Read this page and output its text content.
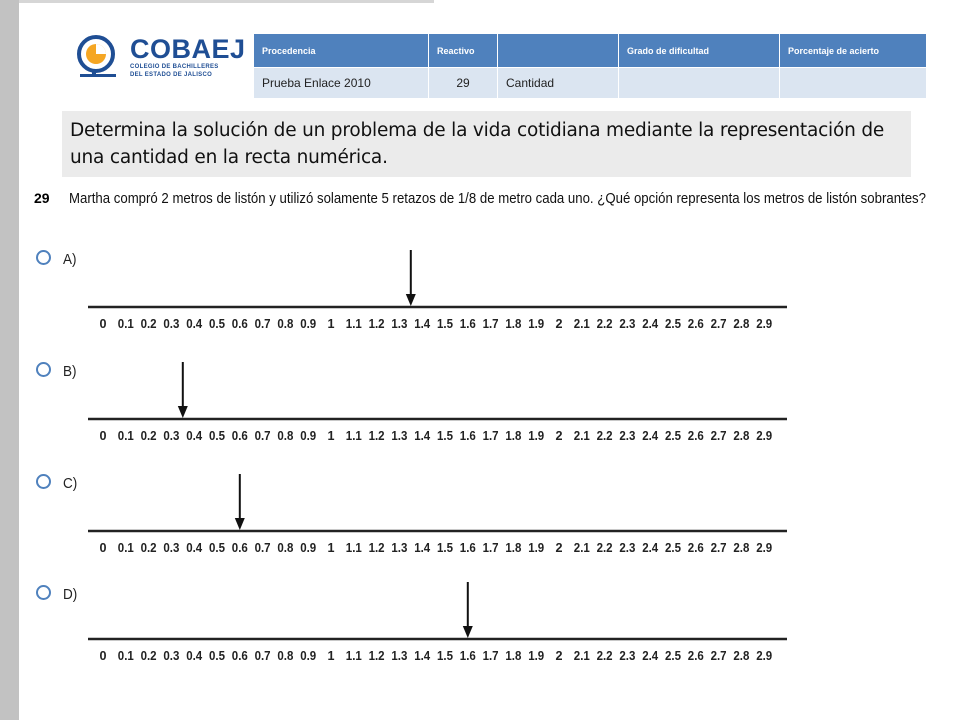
COBAEJ
COLEGIO DE BACHILLERES
DEL ESTADO DE JALISCO
Procedencia	Reactivo		Grado de dificultad	Porcentaje de acierto
Prueba Enlace 2010	29	Cantidad		
Determina la solución de un problema de la vida cotidiana mediante la representación de una cantidad en la recta numérica.
29 Martha compró 2 metros de listón y utilizó solamente 5 retazos de 1/8 de metro cada uno. ¿Qué opción representa los metros de listón sobrantes?
A)
B)
C)
D)
0 0.1 0.2 0.3 0.4 0.5 0.6 0.7 0.8 0.9 1 1.1 1.2 1.3 1.4 1.5 1.6 1.7 1.8 1.9 2 2.1 2.2 2.3 2.4 2.5 2.6 2.7 2.8 2.9
0 0.1 0.2 0.3 0.4 0.5 0.6 0.7 0.8 0.9 1 1.1 1.2 1.3 1.4 1.5 1.6 1.7 1.8 1.9 2 2.1 2.2 2.3 2.4 2.5 2.6 2.7 2.8 2.9
0 0.1 0.2 0.3 0.4 0.5 0.6 0.7 0.8 0.9 1 1.1 1.2 1.3 1.4 1.5 1.6 1.7 1.8 1.9 2 2.1 2.2 2.3 2.4 2.5 2.6 2.7 2.8 2.9
0 0.1 0.2 0.3 0.4 0.5 0.6 0.7 0.8 0.9 1 1.1 1.2 1.3 1.4 1.5 1.6 1.7 1.8 1.9 2 2.1 2.2 2.3 2.4 2.5 2.6 2.7 2.8 2.9
